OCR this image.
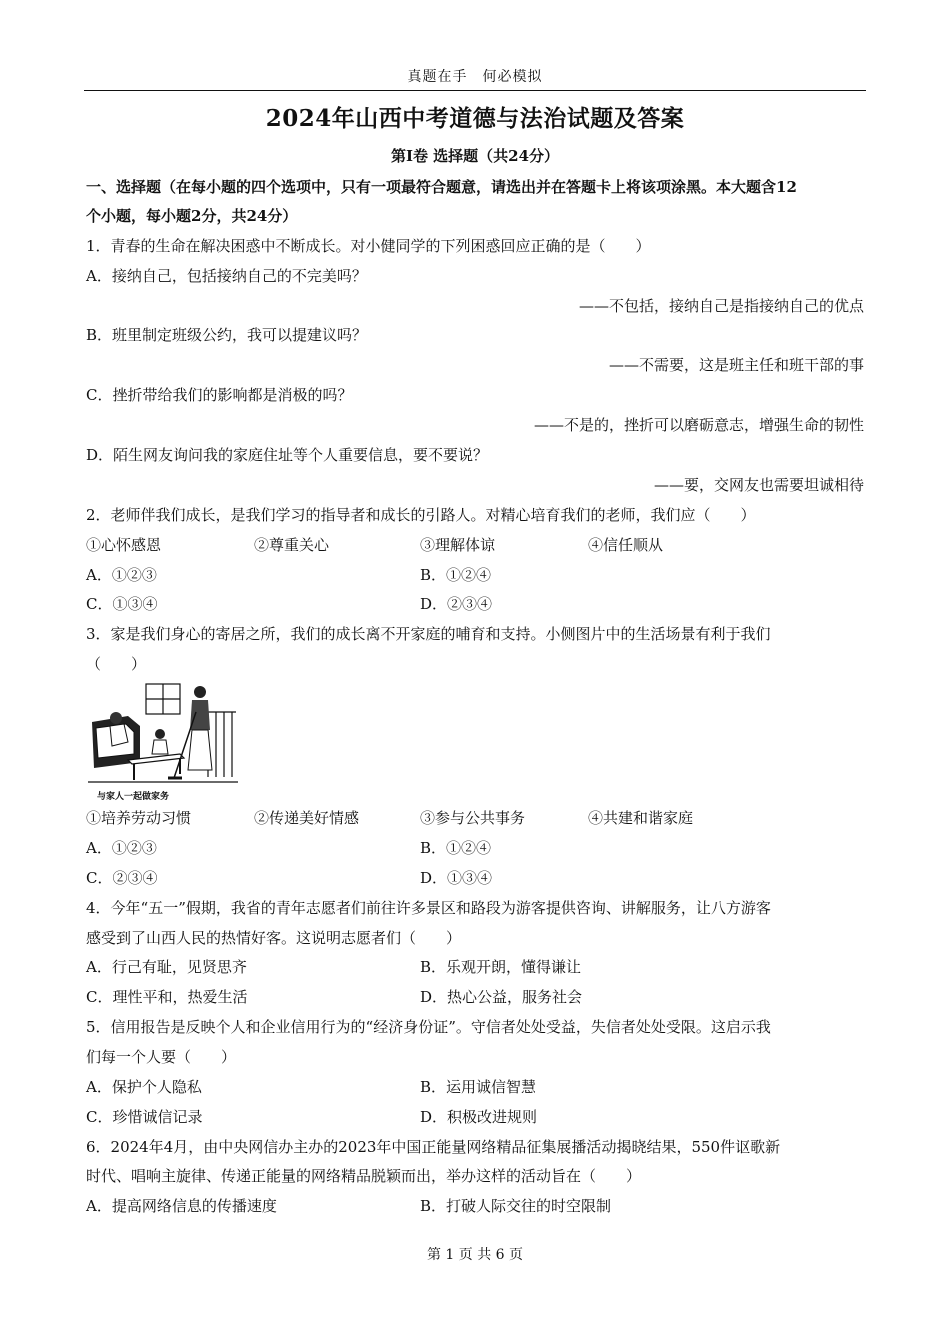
真题在手　何必模拟
2024年山西中考道德与法治试题及答案
第Ⅰ卷 选择题（共24分）
一、选择题（在每小题的四个选项中，只有一项最符合题意，请选出并在答题卡上将该项涂黑。本大题含12
个小题，每小题2分，共24分）
1．青春的生命在解决困惑中不断成长。对小健同学的下列困惑回应正确的是（　　）
A．接纳自己，包括接纳自己的不完美吗？
——不包括，接纳自己是指接纳自己的优点
B．班里制定班级公约，我可以提建议吗？
——不需要，这是班主任和班干部的事
C．挫折带给我们的影响都是消极的吗？
——不是的，挫折可以磨砺意志，增强生命的韧性
D．陌生网友询问我的家庭住址等个人重要信息，要不要说？
——要，交网友也需要坦诚相待
2．老师伴我们成长，是我们学习的指导者和成长的引路人。对精心培育我们的老师，我们应（　　）
①心怀感恩	②尊重关心	③理解体谅	④信任顺从
A．①②③	B．①②④
C．①③④	D．②③④
3．家是我们身心的寄居之所，我们的成长离不开家庭的哺育和支持。小侧图片中的生活场景有利于我们
（　　）
与家人一起做家务
①培养劳动习惯	②传递美好情感	③参与公共事务	④共建和谐家庭
A．①②③	B．①②④
C．②③④	D．①③④
4．今年“五一”假期，我省的青年志愿者们前往许多景区和路段为游客提供咨询、讲解服务，让八方游客
感受到了山西人民的热情好客。这说明志愿者们（　　）
A．行己有耻，见贤思齐	B．乐观开朗，懂得谦让
C．理性平和，热爱生活	D．热心公益，服务社会
5．信用报告是反映个人和企业信用行为的“经济身份证”。守信者处处受益，失信者处处受限。这启示我
们每一个人要（　　）
A．保护个人隐私	B．运用诚信智慧
C．珍惜诚信记录	D．积极改进规则
6．2024年4月，由中央网信办主办的2023年中国正能量网络精品征集展播活动揭晓结果，550件讴歌新
时代、唱响主旋律、传递正能量的网络精品脱颖而出，举办这样的活动旨在（　　）
A．提高网络信息的传播速度	B．打破人际交往的时空限制
第 1 页 共 6 页
